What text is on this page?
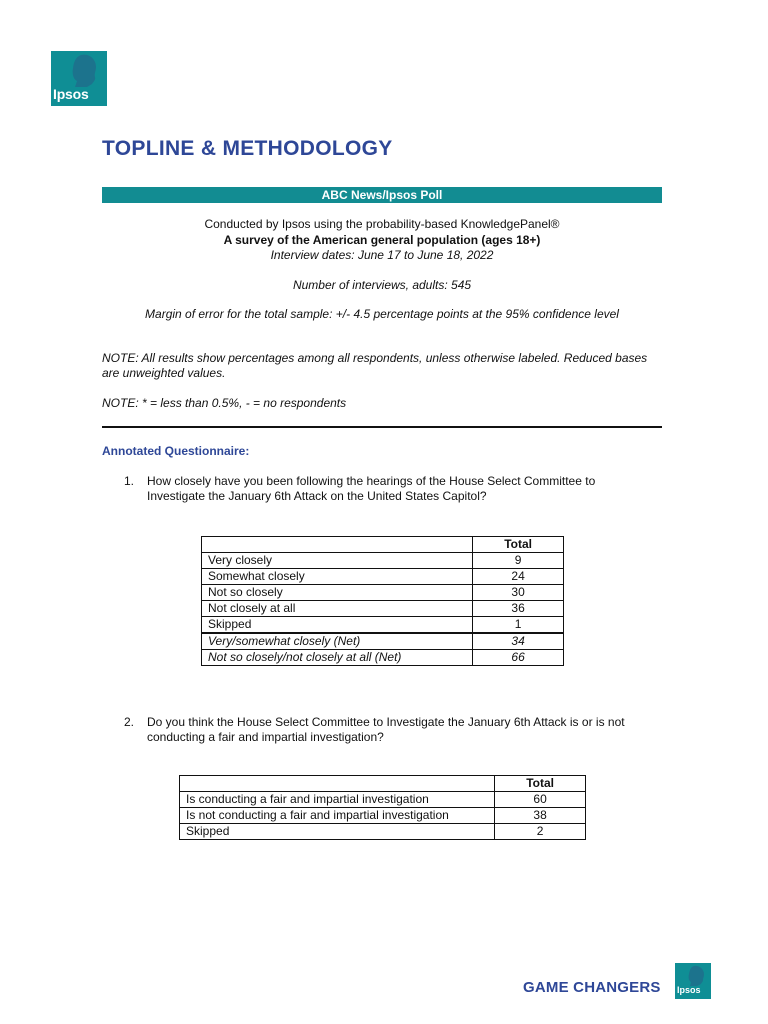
Ipsos
TOPLINE & METHODOLOGY
ABC News/Ipsos Poll
Conducted by Ipsos using the probability-based KnowledgePanel®
A survey of the American general population (ages 18+)
Interview dates: June 17 to June 18, 2022
Number of interviews, adults: 545
Margin of error for the total sample: +/- 4.5 percentage points at the 95% confidence level
NOTE: All results show percentages among all respondents, unless otherwise labeled. Reduced bases are unweighted values.
NOTE: * = less than 0.5%, - = no respondents
Annotated Questionnaire:
1. How closely have you been following the hearings of the House Select Committee to Investigate the January 6th Attack on the United States Capitol?
	Total
Very closely	9
Somewhat closely	24
Not so closely	30
Not closely at all	36
Skipped	1
Very/somewhat closely (Net)	34
Not so closely/not closely at all (Net)	66
2. Do you think the House Select Committee to Investigate the January 6th Attack is or is not conducting a fair and impartial investigation?
	Total
Is conducting a fair and impartial investigation	60
Is not conducting a fair and impartial investigation	38
Skipped	2
GAME CHANGERS Ipsos
